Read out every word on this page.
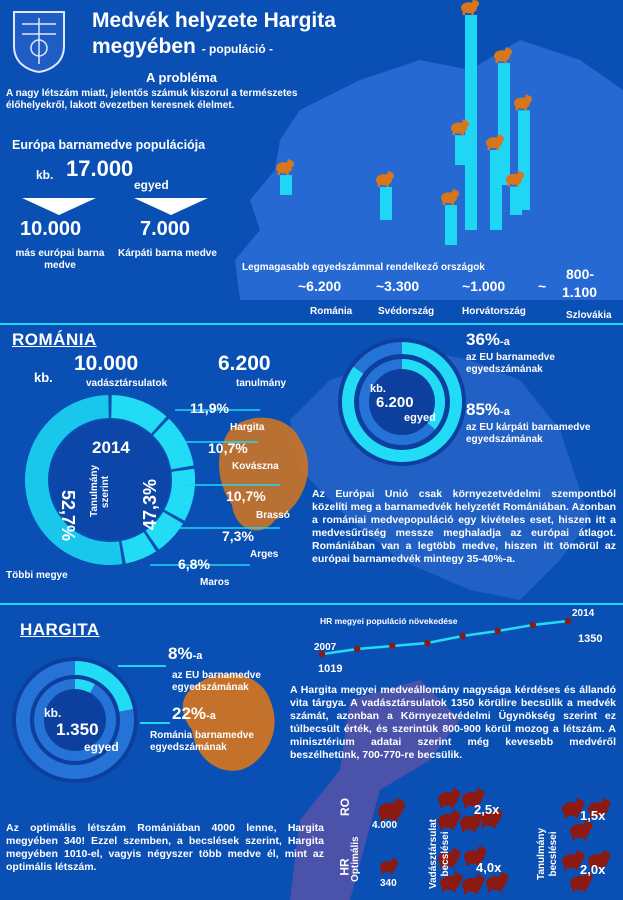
Medvék helyzete Hargita
megyében - populáció -
A probléma
A nagy létszám miatt, jelentős számuk kiszorul a természetes élőhelyekről, lakott övezetben keresnek élelmet.
Európa barnamedve populációja
kb. 17.000
egyed
10.000
más európai barna medve
7.000
Kárpáti barna medve
Legmagasabb egyedszámmal rendelkező országok
~6.200
Románia
~3.300
Svédország
~1.000
Horvátország
~
800-
1.100
Szlovákia
ROMÁNIA
kb.
10.000
vadásztársulatok
6.200
tanulmány
2014
Tanulmány szerint
52,7%	47,3%
Többi megye
11,9%
Hargita
10,7%
Kovászna
10,7%
Brassó
7,3%
Arges
6,8%
Maros
kb.
6.200
egyed
36%-a
az EU barnamedve egyedszámának
85%-a
az EU kárpáti barnamedve egyedszámának
Az Európai Unió csak környezetvédelmi szempontból közelíti meg a barnamedvék helyzetét Romániában. Azonban a romániai medvepopuláció egy kivételes eset, hiszen itt a medvesűrűség messze meghaladja az európai átlagot. Romániában van a legtöbb medve, hiszen itt tömörül az európai barnamedvék mintegy 35-40%-a.
HARGITA
kb.
1.350
egyed
8%-a
az EU barnamedve egyedszámának
22%-a
Románia barnamedve egyedszámának
HR megyei populáció növekedése
2007
1019
2014
1350
A Hargita megyei medveállomány nagysága kérdéses és állandó vita tárgya. A vadásztársulatok 1350 körülire becsülik a medvék számát, azonban a Környezetvédelmi Ügynökség szerint ez túlbecsült érték, és szerintük 800-900 körül mozog a létszám. A minisztérium adatai szerint még kevesebb medvéről beszélhetünk, 700-770-re becsülik.
Az optimális létszám Romániában 4000 lenne, Hargita megyében 340! Ezzel szemben, a becslések szerint, Hargita megyében 1010-el, vagyis négyszer több medve él, mint az optimális létszám.
RO
HR
Optimális
4.000
340	Vadásztársulat becslései	Tanulmány becslései
2,5x
4,0x
1,5x
2,0x
